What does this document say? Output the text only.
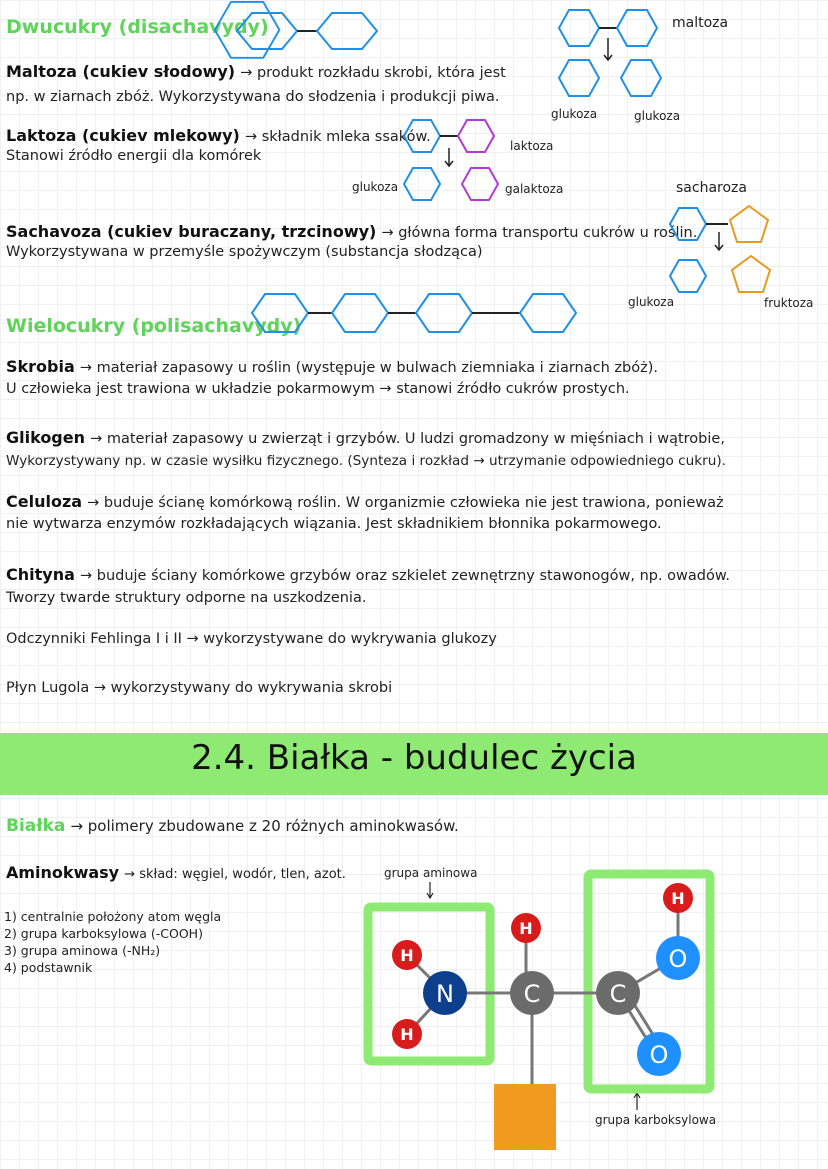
Dwucukry (disachavydy)
Maltoza (cukiev słodowy) → produkt rozkładu skrobi, która jest
np. w ziarnach zbóż. Wykorzystywana do słodzenia i produkcji piwa.
Laktoza (cukiev mlekowy) → składnik mleka ssaków.
Stanowi źródło energii dla komórek
Sachavoza (cukiev buraczany, trzcinowy) → główna forma transportu cukrów u roślin.
Wykorzystywana w przemyśle spożywczym (substancja słodząca)
maltoza
glukoza	glukoza
laktoza
glukoza	galaktoza	sacharoza
glukoza	fruktoza
Wielocukry (polisachavydy)
Skrobia → materiał zapasowy u roślin (występuje w bulwach ziemniaka i ziarnach zbóż).
U człowieka jest trawiona w układzie pokarmowym → stanowi źródło cukrów prostych.
Glikogen → materiał zapasowy u zwierząt i grzybów. U ludzi gromadzony w mięśniach i wątrobie,
Wykorzystywany np. w czasie wysiłku fizycznego. (Synteza i rozkład → utrzymanie odpowiedniego cukru).
Celuloza → buduje ścianę komórkową roślin. W organizmie człowieka nie jest trawiona, ponieważ
nie wytwarza enzymów rozkładających wiązania. Jest składnikiem błonnika pokarmowego.
Chityna → buduje ściany komórkowe grzybów oraz szkielet zewnętrzny stawonogów, np. owadów.
Tworzy twarde struktury odporne na uszkodzenia.
Odczynniki Fehlinga I i II → wykorzystywane do wykrywania glukozy
Płyn Lugola → wykorzystywany do wykrywania skrobi
2.4. Białka - budulec życia
Białka → polimery zbudowane z 20 różnych aminokwasów.
Aminokwasy → skład: węgiel, wodór, tlen, azot.
1) centralnie położony atom węgla
2) grupa karboksylowa (-COOH)
3) grupa aminowa (-NH₂)
4) podstawnik
grupa aminowa
grupa karboksylowa
H
H
N
H
C	C
H
O
O
